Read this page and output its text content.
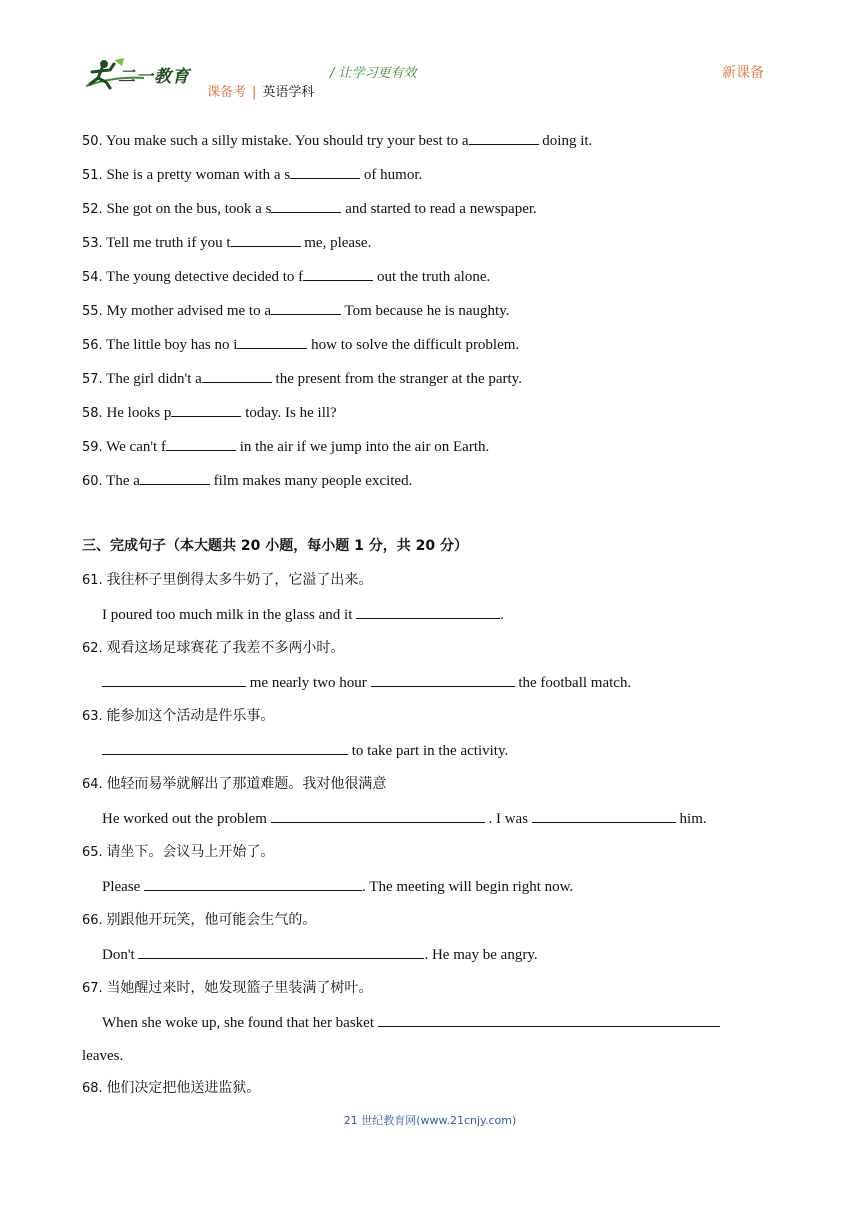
二一教育	/ 让学习更有效	新课备
课备考 | 英语学科
50. You make such a silly mistake. You should try your best to a	doing it.
51. She is a pretty woman with a s	of humor.
52. She got on the bus, took a s	and started to read a newspaper.
53. Tell me truth if you t	me, please.
54. The young detective decided to f	out the truth alone.
55. My mother advised me to a	Tom because he is naughty.
56. The little boy has no i	how to solve the difficult problem.
57. The girl didn't a	the present from the stranger at the party.
58. He looks p	today. Is he ill?
59. We can't f	in the air if we jump into the air on Earth.
60. The a	film makes many people excited.
三、完成句子（本大题共 20 小题，每小题 1 分，共 20 分）
61. 我往杯子里倒得太多牛奶了，它溢了出来。
I poured too much milk in the glass and it	.
62. 观看这场足球赛花了我差不多两小时。
me nearly two hour	the football match.
63. 能参加这个活动是件乐事。
to take part in the activity.
64. 他轻而易举就解出了那道难题。我对他很满意
He worked out the problem	. I was	him.
65. 请坐下。会议马上开始了。
Please	. The meeting will begin right now.
66. 别跟他开玩笑，他可能会生气的。
Don't	. He may be angry.
67. 当她醒过来时，她发现篮子里装满了树叶。
When she woke up, she found that her basket
leaves.
68. 他们决定把他送进监狱。
21 世纪教育网(www.21cnjy.com)
